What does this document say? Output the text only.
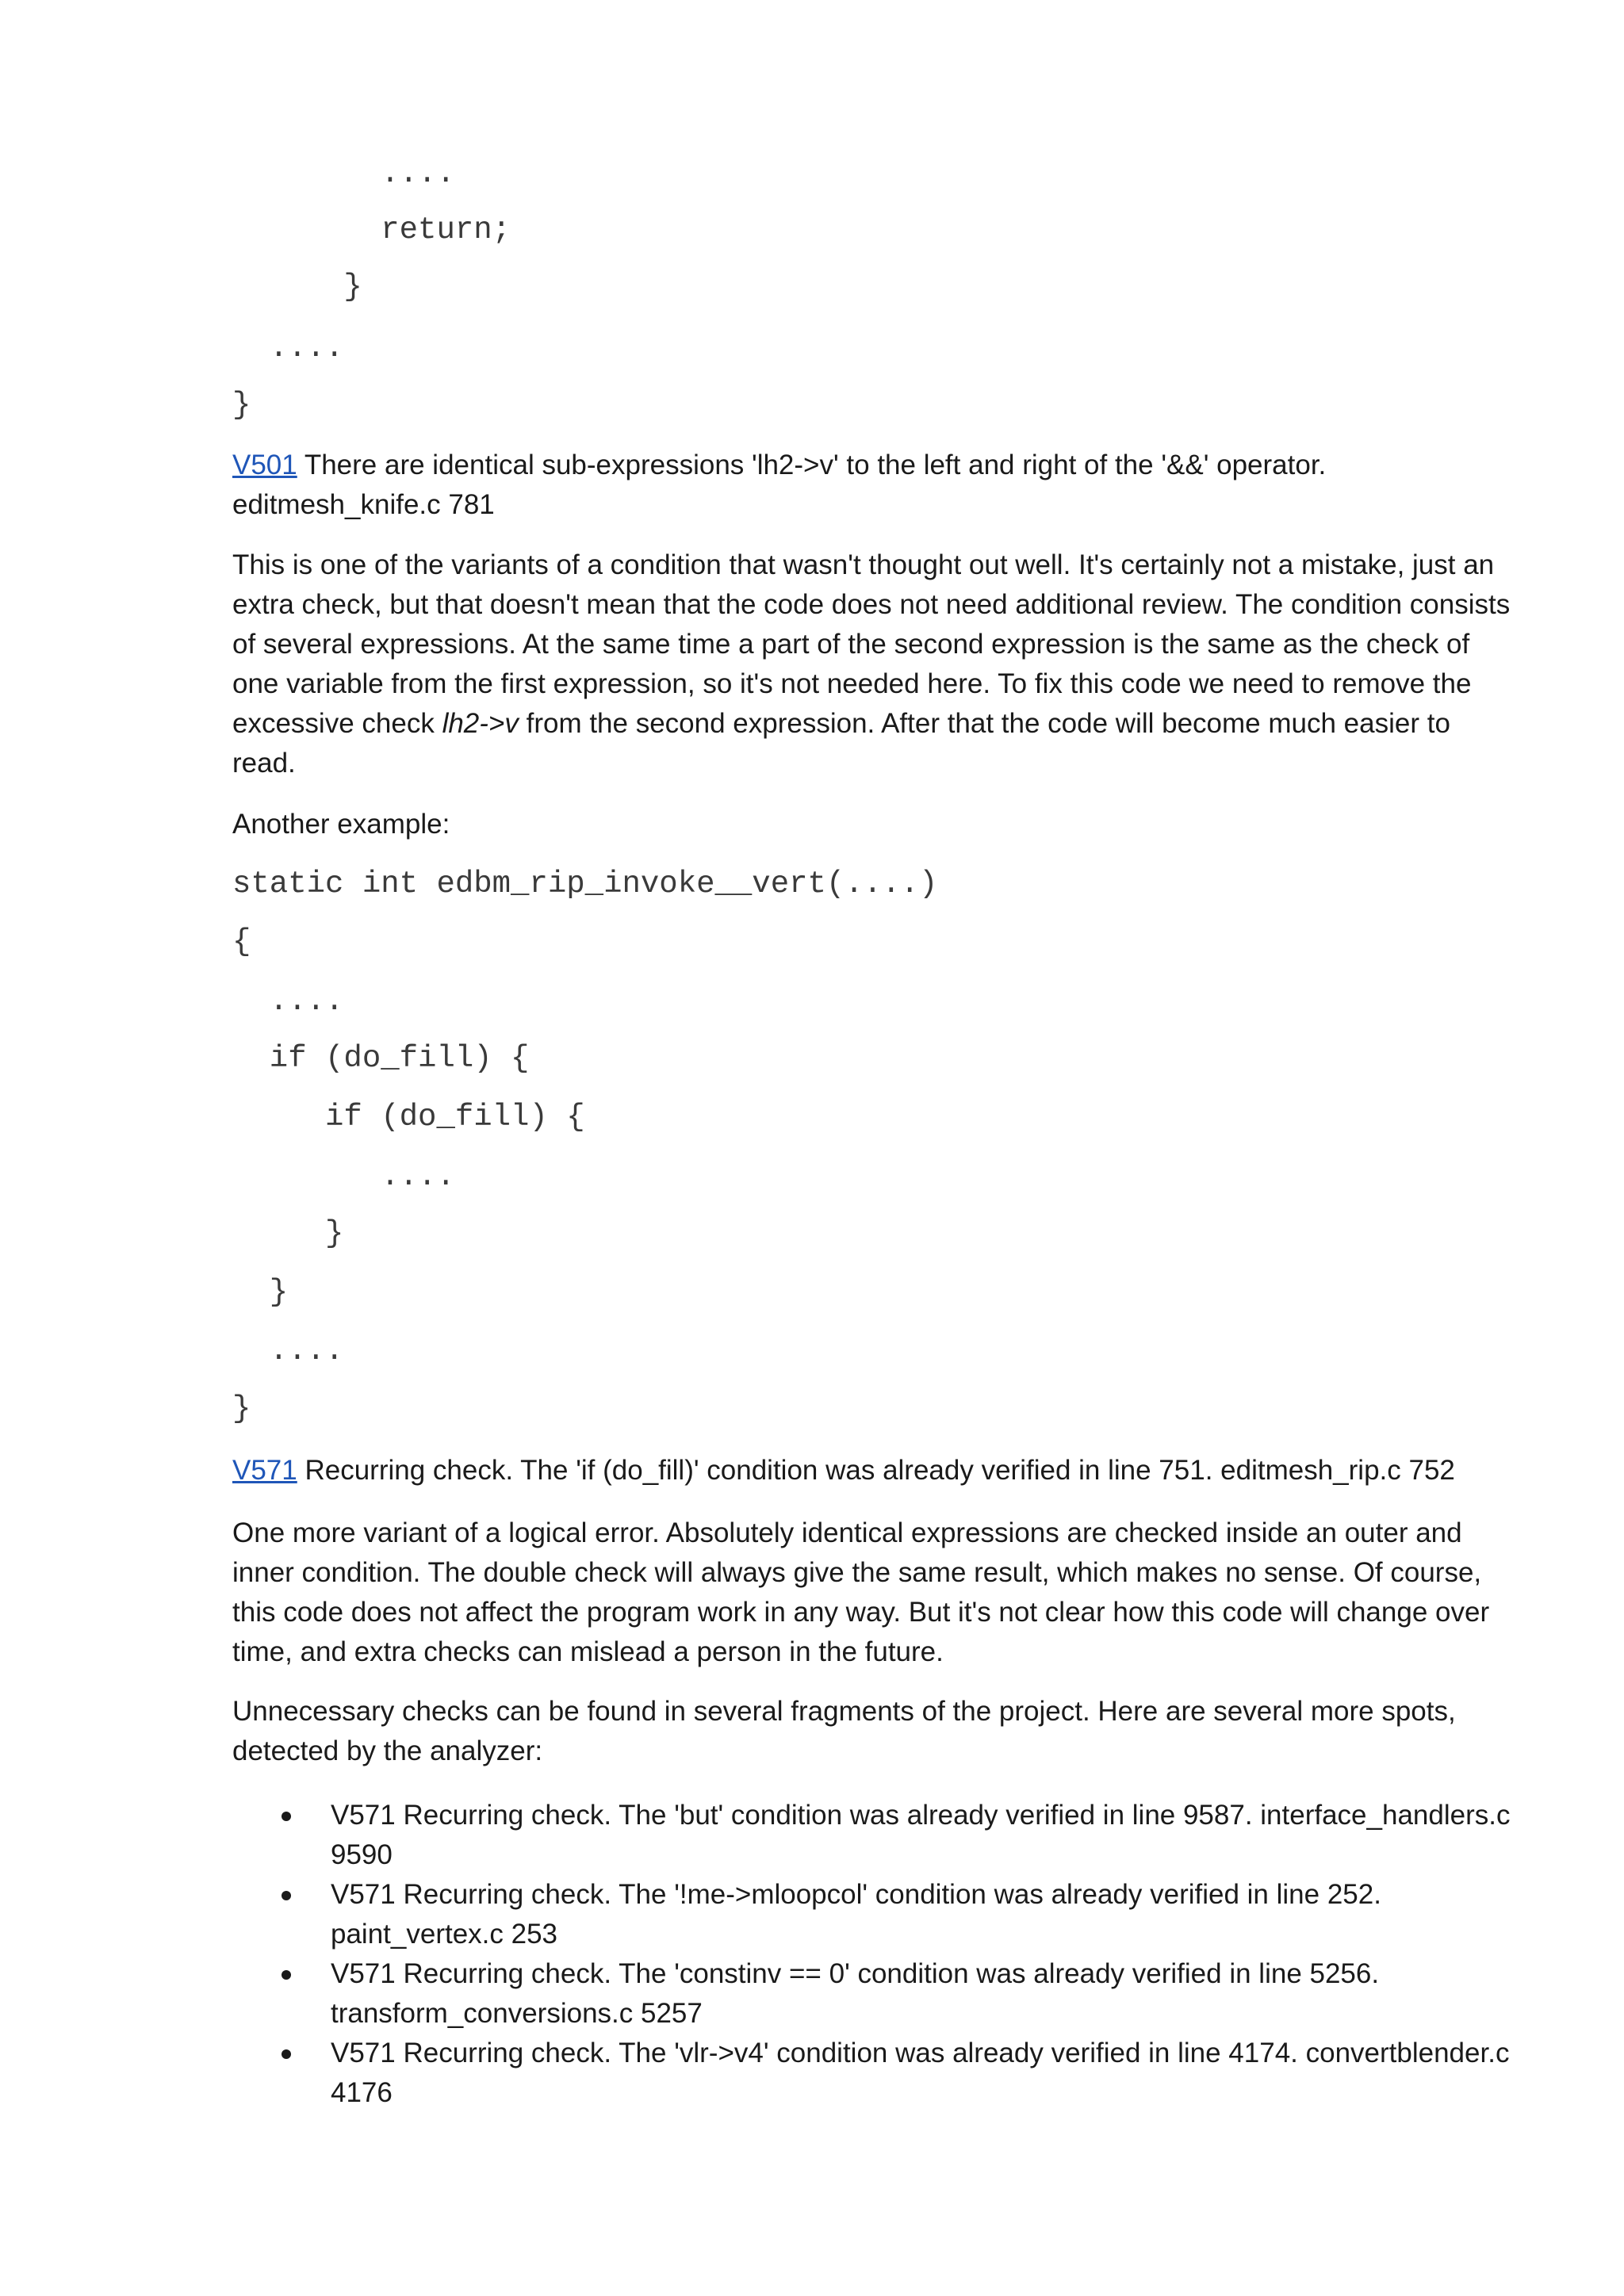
....
return;
}
....
}

V501 There are identical sub-expressions 'lh2->v' to the left and right of the '&&' operator. editmesh_knife.c 781

This is one of the variants of a condition that wasn't thought out well. It's certainly not a mistake, just an extra check, but that doesn't mean that the code does not need additional review. The condition consists of several expressions. At the same time a part of the second expression is the same as the check of one variable from the first expression, so it's not needed here. To fix this code we need to remove the excessive check lh2->v from the second expression. After that the code will become much easier to read.

Another example:

static int edbm_rip_invoke__vert(....)
{
....
if (do_fill) {
if (do_fill) {
....
}
}
....
}

V571 Recurring check. The 'if (do_fill)' condition was already verified in line 751. editmesh_rip.c 752

One more variant of a logical error. Absolutely identical expressions are checked inside an outer and inner condition. The double check will always give the same result, which makes no sense. Of course, this code does not affect the program work in any way. But it's not clear how this code will change over time, and extra checks can mislead a person in the future.

Unnecessary checks can be found in several fragments of the project. Here are several more spots, detected by the analyzer:

V571 Recurring check. The 'but' condition was already verified in line 9587. interface_handlers.c 9590
V571 Recurring check. The '!me->mloopcol' condition was already verified in line 252. paint_vertex.c 253
V571 Recurring check. The 'constinv == 0' condition was already verified in line 5256. transform_conversions.c 5257
V571 Recurring check. The 'vlr->v4' condition was already verified in line 4174. convertblender.c 4176
